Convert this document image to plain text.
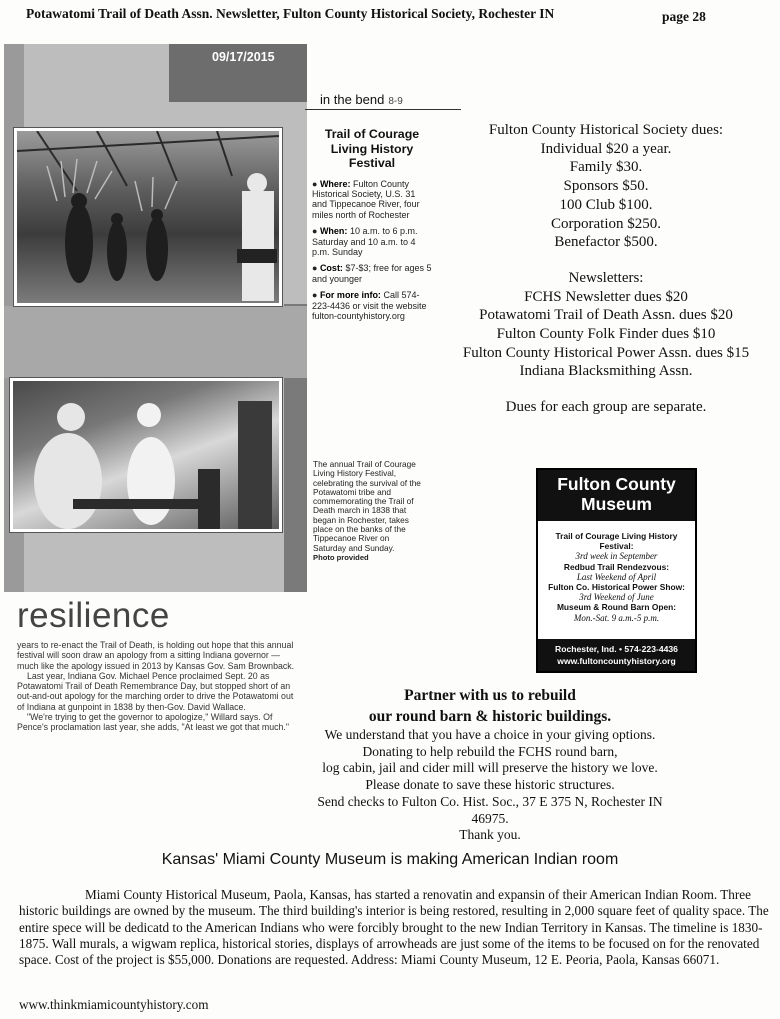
Potawatomi Trail of Death Assn. Newsletter, Fulton County Historical Society, Rochester IN	page 28
09/17/2015
in the bend 8-9
Trail of Courage Living History Festival
● Where: Fulton County Historical Society, U.S. 31 and Tippecanoe River, four miles north of Rochester
● When: 10 a.m. to 6 p.m. Saturday and 10 a.m. to 4 p.m. Sunday
● Cost: $7-$3; free for ages 5 and younger
● For more info: Call 574-223-4436 or visit the website fulton-countyhistory.org
The annual Trail of Courage Living History Festival, celebrating the survival of the Potawatomi tribe and commemorating the Trail of Death march in 1838 that began in Rochester, takes place on the banks of the Tippecanoe River on Saturday and Sunday.
Photo provided
resilience

years to re-enact the Trail of Death, is holding out hope that this annual festival will soon draw an apology from a sitting Indiana governor — much like the apology issued in 2013 by Kansas Gov. Sam Brownback.

Last year, Indiana Gov. Michael Pence proclaimed Sept. 20 as Potawatomi Trail of Death Remembrance Day, but stopped short of an out-and-out apology for the marching order to drive the Potawatomi out of Indiana at gunpoint in 1838 by then-Gov. David Wallace.

"We're trying to get the governor to apologize," Willard says. Of Pence's proclamation last year, she adds, "At least we got that much."

Fulton County Historical Society dues:
Individual $20 a year.
Family $30.
Sponsors $50.
100 Club $100.
Corporation $250.
Benefactor $500.
Newsletters:
FCHS Newsletter dues $20
Potawatomi Trail of Death Assn. dues $20
Fulton County Folk Finder dues $10
Fulton County Historical Power Assn. dues $15
Indiana Blacksmithing Assn.
Dues for each group are separate.
Fulton County
Museum
Trail of Courage Living History Festival:
3rd week in September
Redbud Trail Rendezvous:
Last Weekend of April
Fulton Co. Historical Power Show:
3rd Weekend of June
Museum & Round Barn Open:
Mon.-Sat. 9 a.m.-5 p.m.
Rochester, Ind. • 574-223-4436
www.fultoncountyhistory.org
Partner with us to rebuild
our round barn & historic buildings.
We understand that you have a choice in your giving options.
Donating to help rebuild the FCHS round barn,
log cabin, jail and cider mill will preserve the history we love.
Please donate to save these historic structures.
Send checks to Fulton Co. Hist. Soc., 37 E 375 N, Rochester IN 46975.
Thank you.
Kansas' Miami County Museum is making American Indian room
Miami County Historical Museum, Paola, Kansas, has started a renovatin and expansin of their American Indian Room. Three historic buildings are owned by the museum. The third building's interior is being restored, resulting in 2,000 square feet of quality space. The entire spece will be dedicatd to the American Indians who were forcibly brought to the new Indian Territory in Kansas. The timeline is 1830-1875. Wall murals, a wigwam replica, historical stories, displays of arrowheads are just some of the items to be focused on for the renovated space. Cost of the project is $55,000. Donations are requested. Address: Miami County Museum, 12 E. Peoria, Paola, Kansas 66071.
www.thinkmiamicountyhistory.com
